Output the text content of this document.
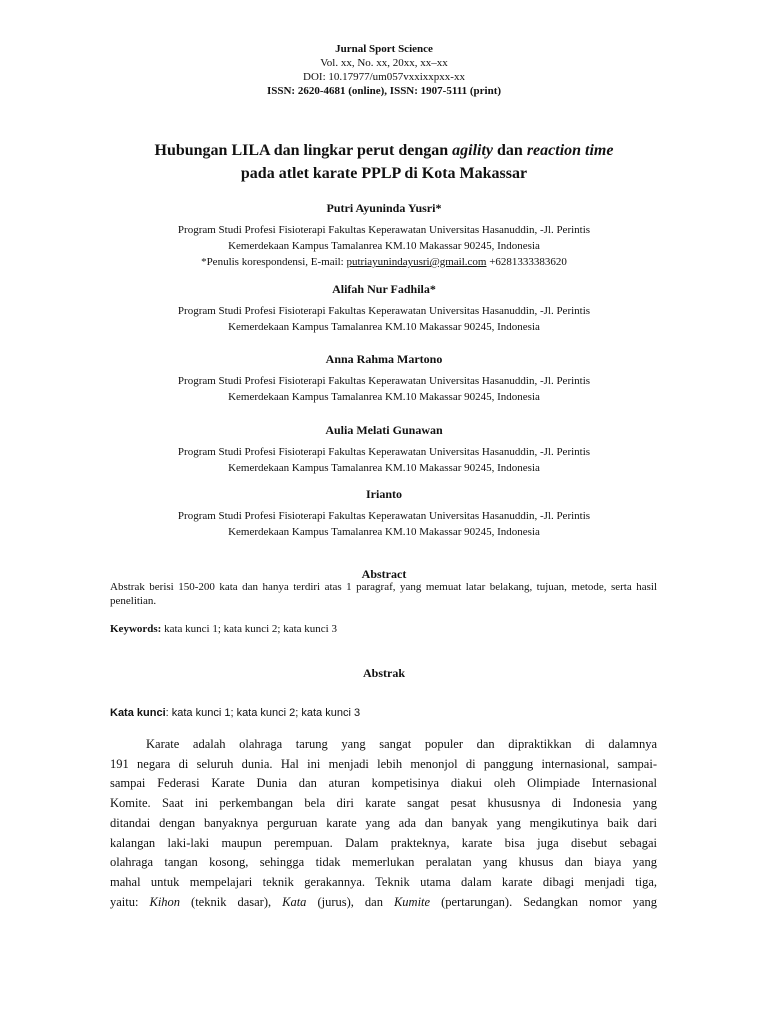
Jurnal Sport Science
Vol. xx, No. xx, 20xx, xx–xx
DOI: 10.17977/um057vxxixxpxx-xx
ISSN: 2620-4681 (online), ISSN: 1907-5111 (print)
Hubungan LILA dan lingkar perut dengan agility dan reaction time
pada atlet karate PPLP di Kota Makassar
Putri Ayuninda Yusri*
Program Studi Profesi Fisioterapi Fakultas Keperawatan Universitas Hasanuddin, -Jl. Perintis
Kemerdekaan Kampus Tamalanrea KM.10 Makassar 90245, Indonesia
*Penulis korespondensi, E-mail: putriayunindayusri@gmail.com +6281333383620
Alifah Nur Fadhila*
Program Studi Profesi Fisioterapi Fakultas Keperawatan Universitas Hasanuddin, -Jl. Perintis
Kemerdekaan Kampus Tamalanrea KM.10 Makassar 90245, Indonesia
Anna Rahma Martono
Program Studi Profesi Fisioterapi Fakultas Keperawatan Universitas Hasanuddin, -Jl. Perintis
Kemerdekaan Kampus Tamalanrea KM.10 Makassar 90245, Indonesia
Aulia Melati Gunawan
Program Studi Profesi Fisioterapi Fakultas Keperawatan Universitas Hasanuddin, -Jl. Perintis
Kemerdekaan Kampus Tamalanrea KM.10 Makassar 90245, Indonesia
Irianto
Program Studi Profesi Fisioterapi Fakultas Keperawatan Universitas Hasanuddin, -Jl. Perintis
Kemerdekaan Kampus Tamalanrea KM.10 Makassar 90245, Indonesia
Abstract
Abstrak berisi 150-200 kata dan hanya terdiri atas 1 paragraf, yang memuat latar belakang, tujuan, metode, serta hasil penelitian.
Keywords: kata kunci 1; kata kunci 2; kata kunci 3
Abstrak
Kata kunci: kata kunci 1; kata kunci 2; kata kunci 3
Karate adalah olahraga tarung yang sangat populer dan dipraktikkan di dalamnya
191 negara di seluruh dunia. Hal ini menjadi lebih menonjol di panggung internasional, sampai-
sampai Federasi Karate Dunia dan aturan kompetisinya diakui oleh Olimpiade Internasional
Komite. Saat ini perkembangan bela diri karate sangat pesat khususnya di Indonesia yang
ditandai dengan banyaknya perguruan karate yang ada dan banyak yang mengikutinya baik dari
kalangan laki-laki maupun perempuan. Dalam prakteknya, karate bisa juga disebut sebagai
olahraga tangan kosong, sehingga tidak memerlukan peralatan yang khusus dan biaya yang
mahal untuk mempelajari teknik gerakannya. Teknik utama dalam karate dibagi menjadi tiga,
yaitu: Kihon (teknik dasar), Kata (jurus), dan Kumite (pertarungan). Sedangkan nomor yang
